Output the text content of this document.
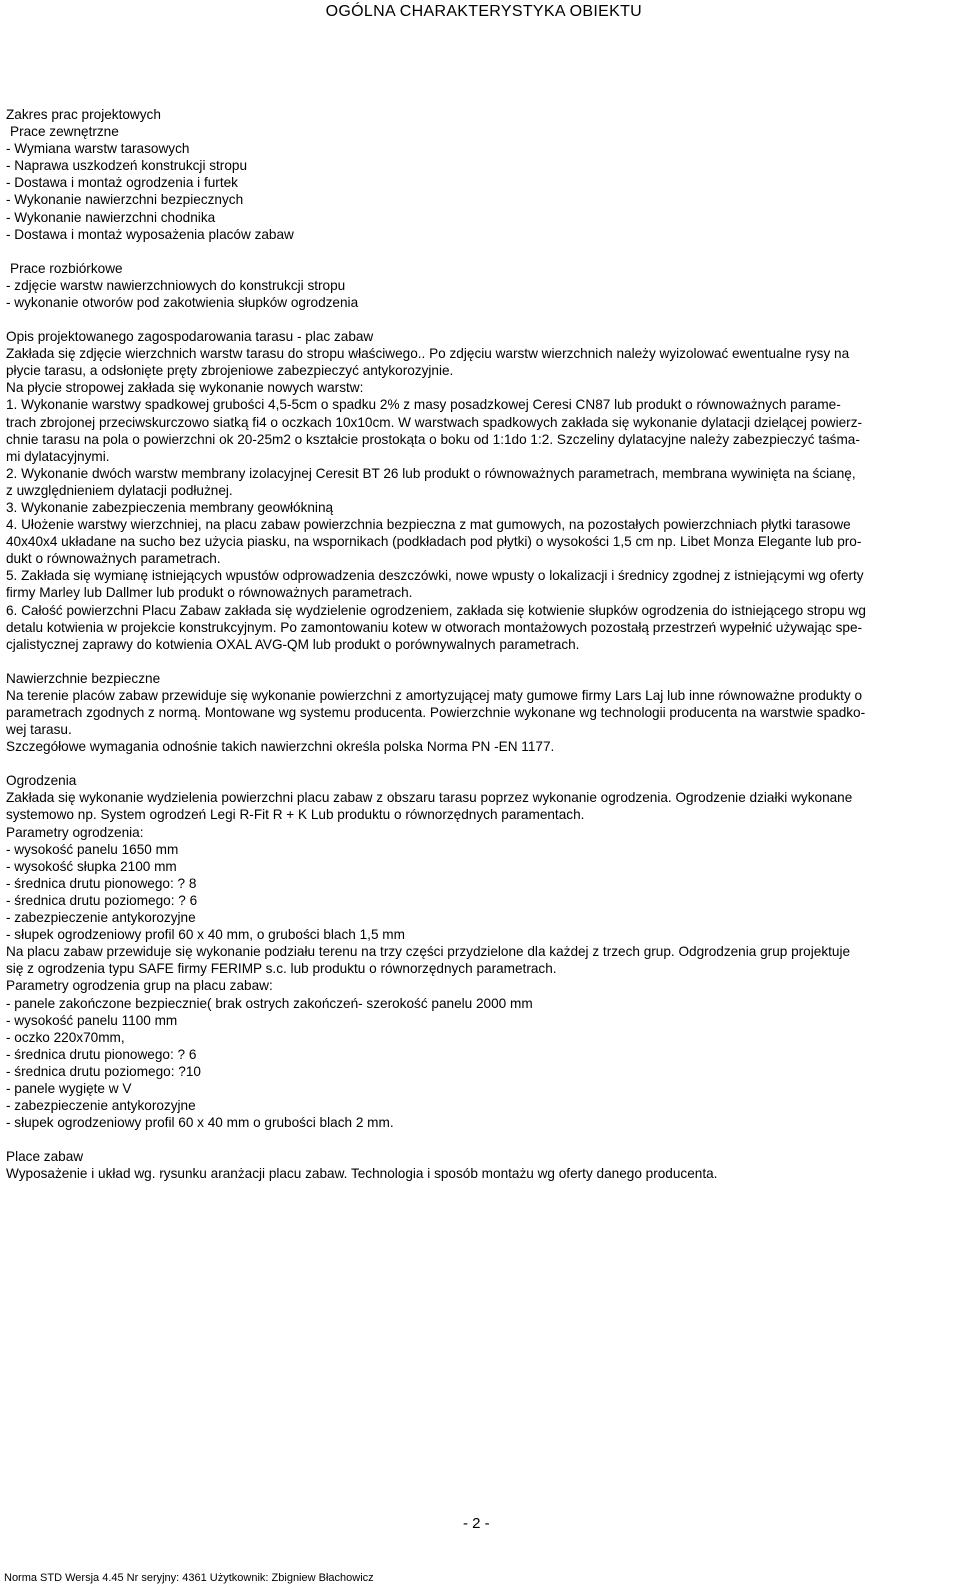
OGÓLNA CHARAKTERYSTYKA OBIEKTU
Zakres prac projektowych
Prace zewnętrzne
- Wymiana warstw tarasowych
- Naprawa uszkodzeń konstrukcji stropu
- Dostawa i montaż ogrodzenia i furtek
- Wykonanie nawierzchni bezpiecznych
- Wykonanie nawierzchni chodnika
- Dostawa i montaż wyposażenia placów zabaw
Prace rozbiórkowe
- zdjęcie warstw nawierzchniowych do konstrukcji stropu
- wykonanie otworów pod zakotwienia słupków ogrodzenia
Opis projektowanego zagospodarowania tarasu - plac zabaw
Zakłada się zdjęcie wierzchnich warstw tarasu do stropu właściwego.. Po zdjęciu warstw wierzchnich należy wyizolować ewentualne rysy na
płycie tarasu, a odsłonięte pręty zbrojeniowe zabezpieczyć antykorozyjnie.
Na płycie stropowej zakłada się wykonanie nowych warstw:
1. Wykonanie warstwy spadkowej grubości 4,5-5cm o spadku 2% z masy posadzkowej Ceresi CN87 lub produkt o równoważnych parame-
trach zbrojonej przeciwskurczowo siatką fi4 o oczkach 10x10cm. W warstwach spadkowych zakłada się wykonanie dylatacji dzielącej powierz-
chnie tarasu na pola o powierzchni ok 20-25m2 o kształcie prostokąta o boku od 1:1do 1:2. Szczeliny dylatacyjne należy zabezpieczyć taśma-
mi dylatacyjnymi.
2. Wykonanie dwóch warstw membrany izolacyjnej Ceresit BT 26 lub produkt o równoważnych parametrach, membrana wywinięta na ścianę,
z uwzględnieniem dylatacji podłużnej.
3. Wykonanie zabezpieczenia membrany geowłókniną
4. Ułożenie warstwy wierzchniej, na placu zabaw powierzchnia bezpieczna z mat gumowych, na pozostałych powierzchniach płytki tarasowe
40x40x4 układane na sucho bez użycia piasku, na wspornikach (podkładach pod płytki) o wysokości 1,5 cm np. Libet Monza Elegante lub pro-
dukt o równoważnych parametrach.
5. Zakłada się wymianę istniejących wpustów odprowadzenia deszczówki, nowe wpusty o lokalizacji i średnicy zgodnej z istniejącymi wg oferty
firmy Marley lub Dallmer lub produkt o równoważnych parametrach.
6. Całość powierzchni Placu Zabaw zakłada się wydzielenie ogrodzeniem, zakłada się kotwienie słupków ogrodzenia do istniejącego stropu wg
detalu kotwienia w projekcie konstrukcyjnym. Po zamontowaniu kotew w otworach montażowych pozostałą przestrzeń wypełnić używając spe-
cjalistycznej zaprawy do kotwienia OXAL AVG-QM lub produkt o porównywalnych parametrach.
Nawierzchnie bezpieczne
Na terenie placów zabaw przewiduje się wykonanie powierzchni z amortyzującej maty gumowe firmy Lars Laj lub inne równoważne produkty o
parametrach zgodnych z normą. Montowane wg systemu producenta. Powierzchnie wykonane wg technologii producenta na warstwie spadko-
wej tarasu.
Szczegółowe wymagania odnośnie takich nawierzchni określa polska Norma PN -EN 1177.
Ogrodzenia
Zakłada się wykonanie wydzielenia powierzchni placu zabaw z obszaru tarasu poprzez wykonanie ogrodzenia. Ogrodzenie działki wykonane
systemowo np. System ogrodzeń Legi R-Fit R + K Lub produktu o równorzędnych paramentach.
Parametry ogrodzenia:
- wysokość panelu 1650 mm
- wysokość słupka 2100 mm
- średnica drutu pionowego: ? 8
- średnica drutu poziomego: ? 6
- zabezpieczenie antykorozyjne
- słupek ogrodzeniowy profil 60 x 40 mm, o grubości blach 1,5 mm
Na placu zabaw przewiduje się wykonanie podziału terenu na trzy części przydzielone dla każdej z trzech grup. Odgrodzenia grup projektuje
się z ogrodzenia typu SAFE firmy FERIMP s.c. lub produktu o równorzędnych parametrach.
Parametry ogrodzenia grup na placu zabaw:
- panele zakończone bezpiecznie( brak ostrych zakończeń- szerokość panelu 2000 mm
- wysokość panelu 1100 mm
- oczko 220x70mm,
- średnica drutu pionowego: ? 6
- średnica drutu poziomego: ?10
- panele wygięte w V
- zabezpieczenie antykorozyjne
- słupek ogrodzeniowy profil 60 x 40 mm o grubości blach 2 mm.
Place zabaw
Wyposażenie i układ wg. rysunku aranżacji placu zabaw. Technologia i sposób montażu wg oferty danego producenta.
- 2 -
Norma STD Wersja 4.45 Nr seryjny: 4361 Użytkownik: Zbigniew Błachowicz
